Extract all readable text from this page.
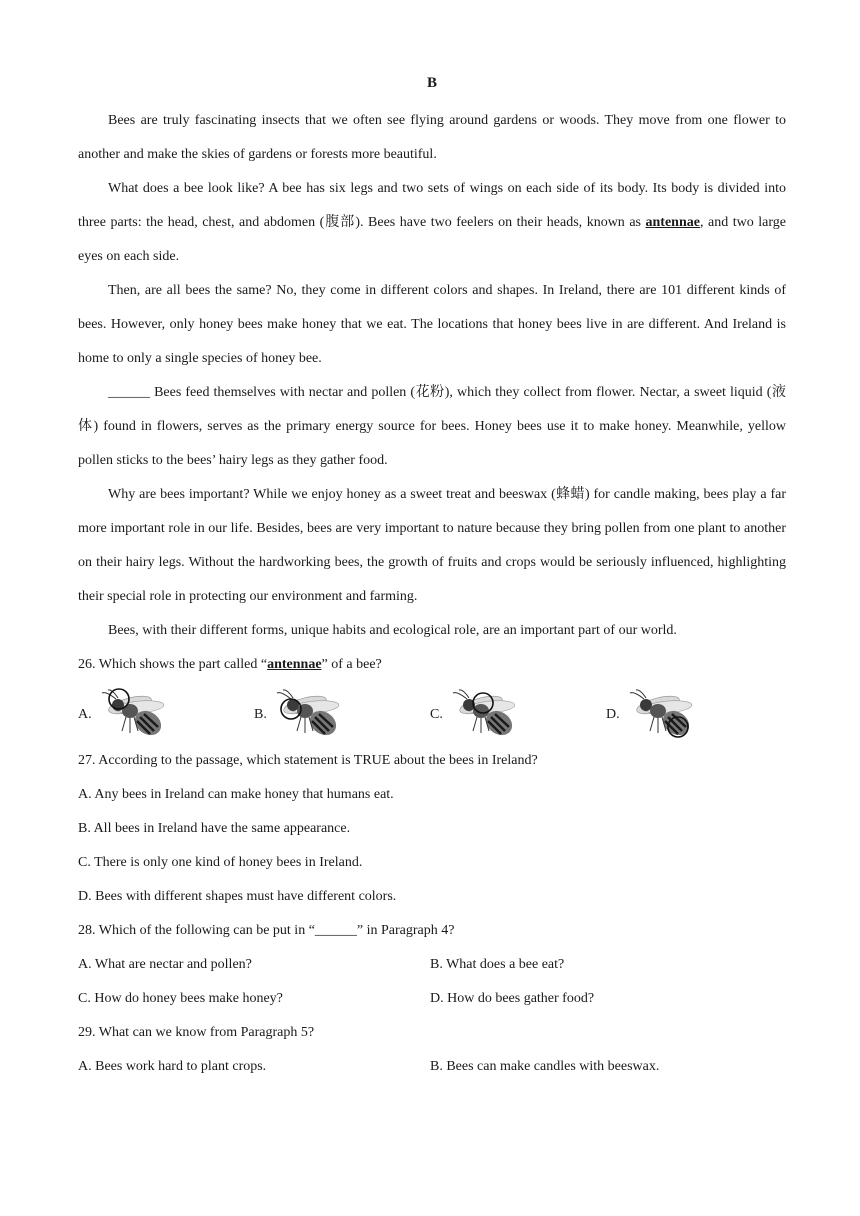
B

Bees are truly fascinating insects that we often see flying around gardens or woods. They move from one flower to another and make the skies of gardens or forests more beautiful.

What does a bee look like? A bee has six legs and two sets of wings on each side of its body. Its body is divided into three parts: the head, chest, and abdomen (腹部). Bees have two feelers on their heads, known as antennae, and two large eyes on each side.

Then, are all bees the same? No, they come in different colors and shapes. In Ireland, there are 101 different kinds of bees. However, only honey bees make honey that we eat. The locations that honey bees live in are different. And Ireland is home to only a single species of honey bee.

______ Bees feed themselves with nectar and pollen (花粉), which they collect from flower. Nectar, a sweet liquid (液体) found in flowers, serves as the primary energy source for bees. Honey bees use it to make honey. Meanwhile, yellow pollen sticks to the bees’ hairy legs as they gather food.

Why are bees important? While we enjoy honey as a sweet treat and beeswax (蜂蜡) for candle making, bees play a far more important role in our life. Besides, bees are very important to nature because they bring pollen from one plant to another on their hairy legs. Without the hardworking bees, the growth of fruits and crops would be seriously influenced, highlighting their special role in protecting our environment and farming.

Bees, with their different forms, unique habits and ecological role, are an important part of our world.

26. Which shows the part called “antennae” of a bee?
A.	B.	C.	D.
27. According to the passage, which statement is TRUE about the bees in Ireland?
A. Any bees in Ireland can make honey that humans eat.
B. All bees in Ireland have the same appearance.
C. There is only one kind of honey bees in Ireland.
D. Bees with different shapes must have different colors.
28. Which of the following can be put in “______” in Paragraph 4?
A. What are nectar and pollen?	B. What does a bee eat?
C. How do honey bees make honey?	D. How do bees gather food?
29. What can we know from Paragraph 5?
A. Bees work hard to plant crops.	B. Bees can make candles with beeswax.
